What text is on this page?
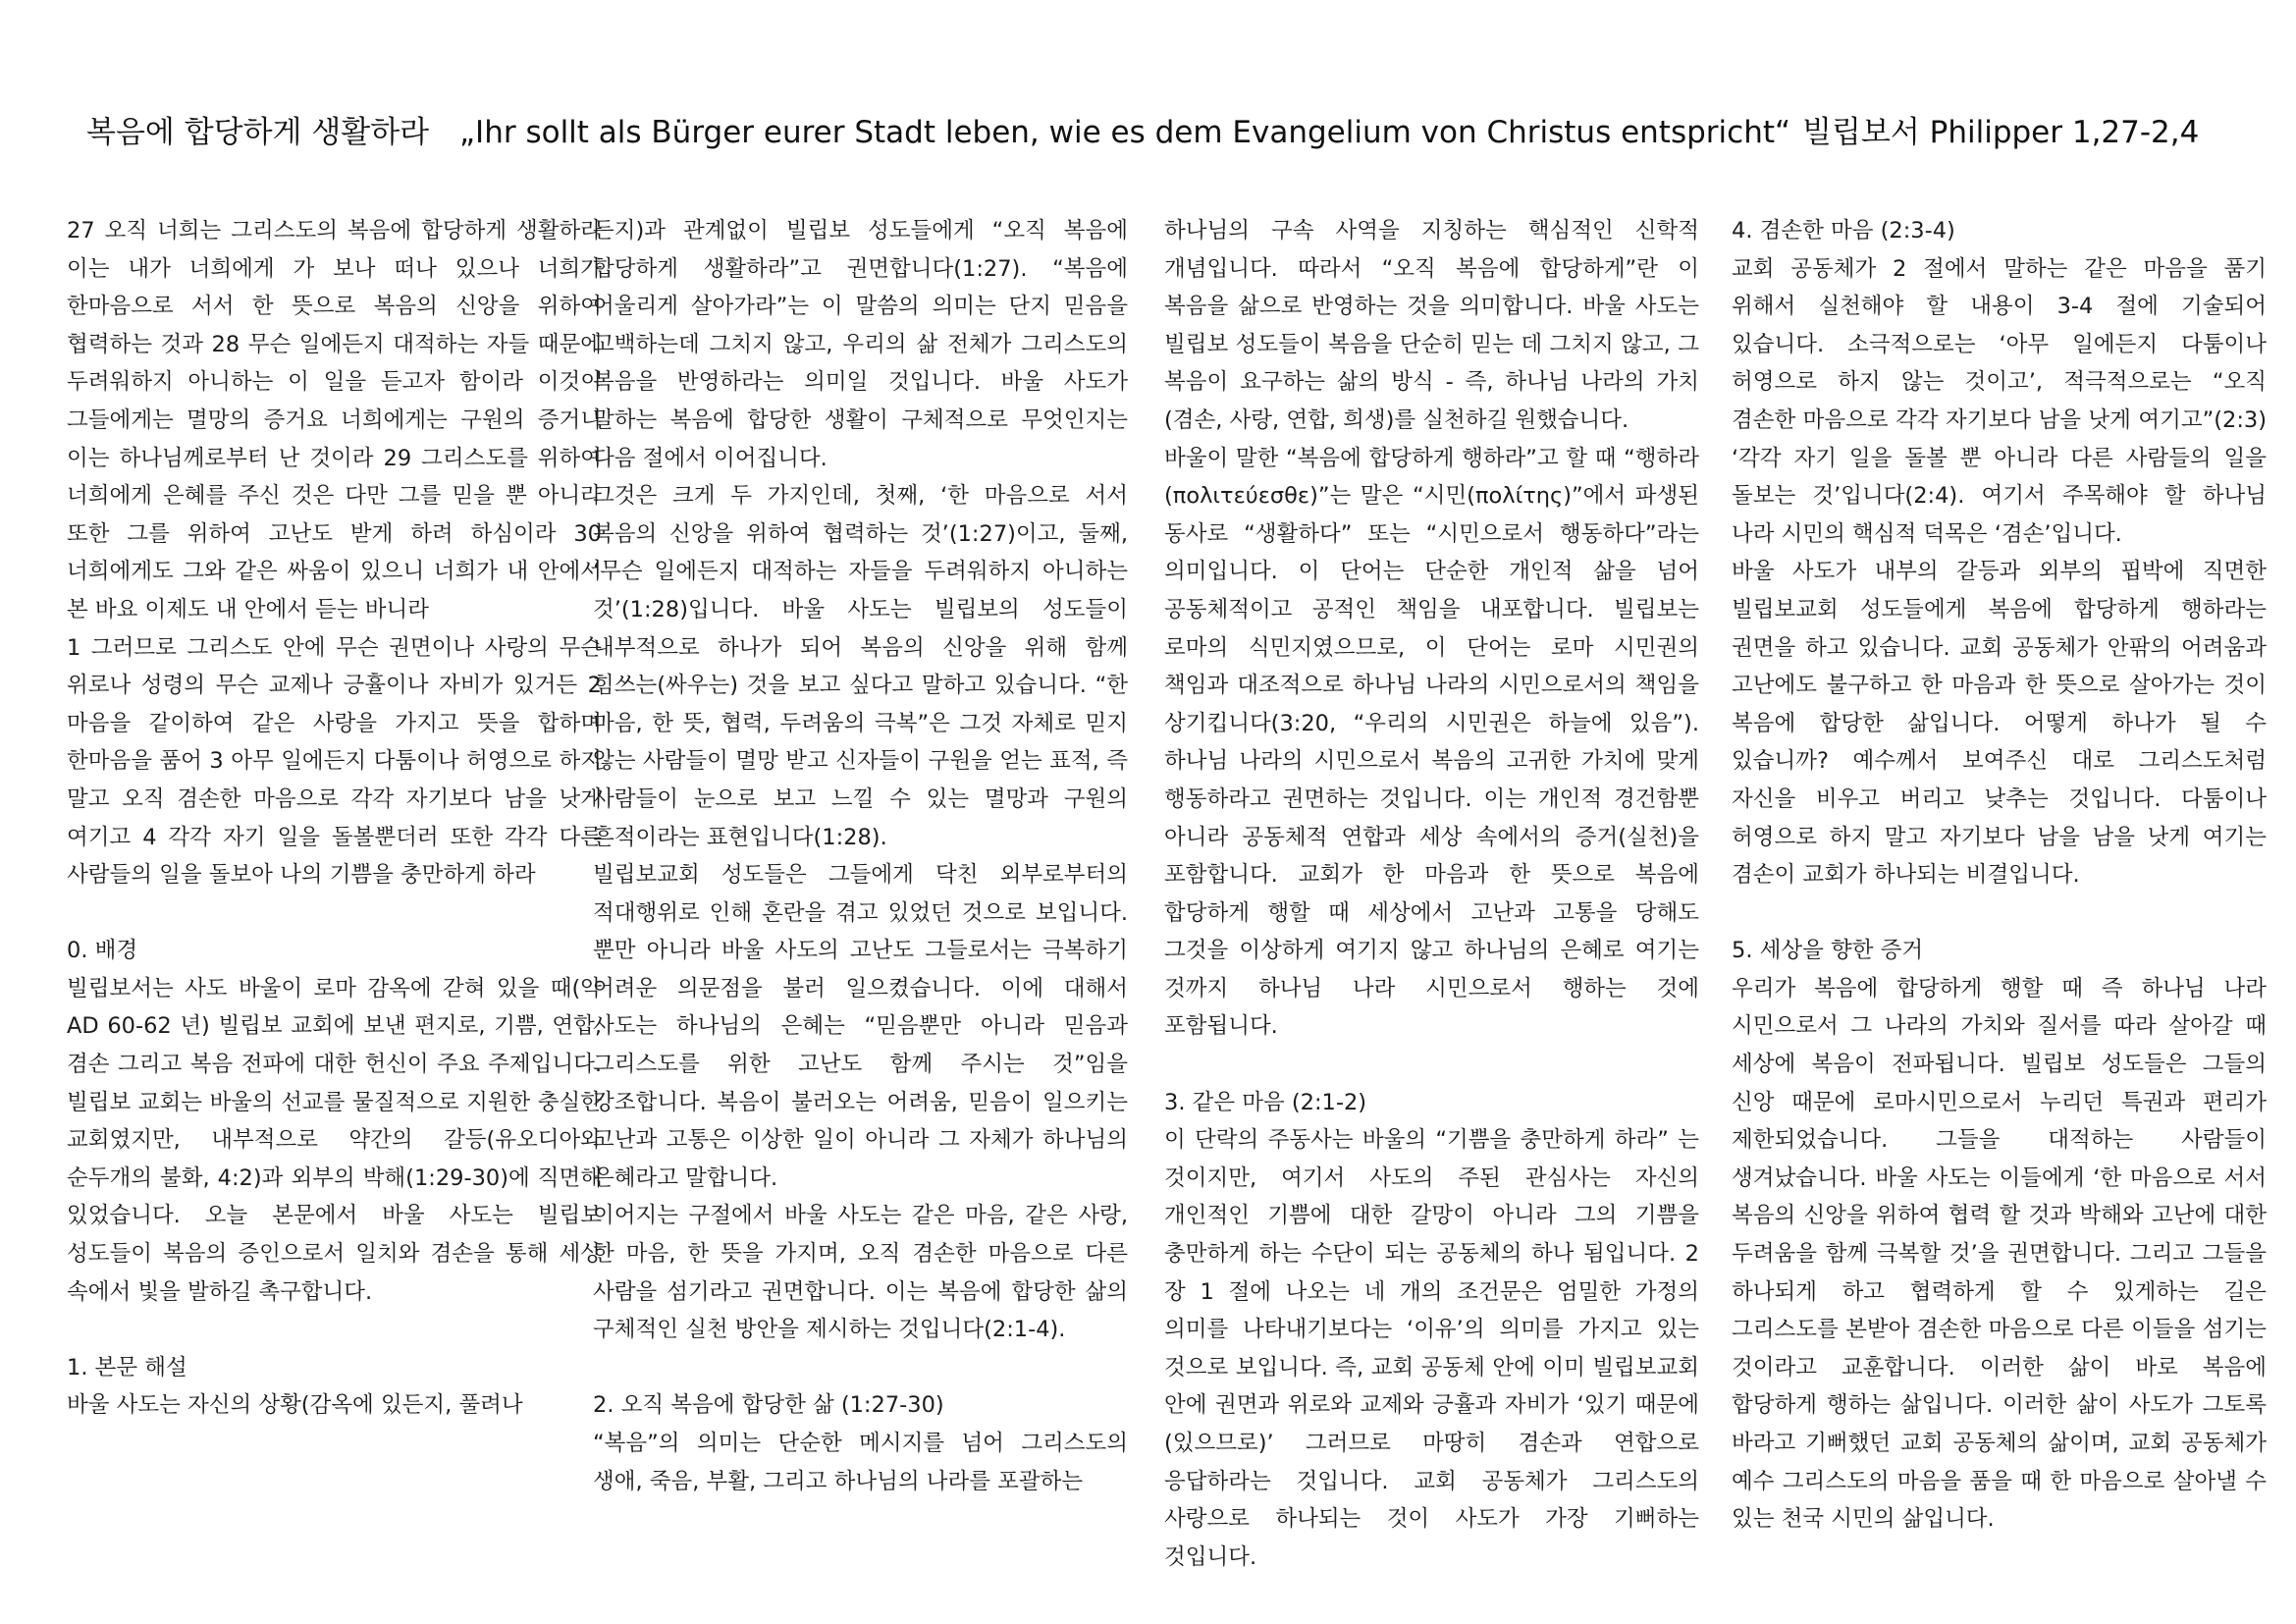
복음에 합당하게 생활하라 „Ihr sollt als Bürger eurer Stadt leben, wie es dem Evangelium von Christus entspricht“ 빌립보서 Philipper 1,27-2,4

27 오직 너희는 그리스도의 복음에 합당하게 생활하라 이는 내가 너희에게 가 보나 떠나 있으나 너희가 한마음으로 서서 한 뜻으로 복음의 신앙을 위하여 협력하는 것과 28 무슨 일에든지 대적하는 자들 때문에 두려워하지 아니하는 이 일을 듣고자 함이라 이것이 그들에게는 멸망의 증거요 너희에게는 구원의 증거니 이는 하나님께로부터 난 것이라 29 그리스도를 위하여 너희에게 은혜를 주신 것은 다만 그를 믿을 뿐 아니라 또한 그를 위하여 고난도 받게 하려 하심이라 30 너희에게도 그와 같은 싸움이 있으니 너희가 내 안에서 본 바요 이제도 내 안에서 듣는 바니라

1 그러므로 그리스도 안에 무슨 권면이나 사랑의 무슨 위로나 성령의 무슨 교제나 긍휼이나 자비가 있거든 2 마음을 같이하여 같은 사랑을 가지고 뜻을 합하며 한마음을 품어 3 아무 일에든지 다툼이나 허영으로 하지 말고 오직 겸손한 마음으로 각각 자기보다 남을 낫게 여기고 4 각각 자기 일을 돌볼뿐더러 또한 각각 다른 사람들의 일을 돌보아 나의 기쁨을 충만하게 하라

0. 배경

빌립보서는 사도 바울이 로마 감옥에 갇혀 있을 때(약 AD 60-62 년) 빌립보 교회에 보낸 편지로, 기쁨, 연합, 겸손 그리고 복음 전파에 대한 헌신이 주요 주제입니다. 빌립보 교회는 바울의 선교를 물질적으로 지원한 충실한 교회였지만, 내부적으로 약간의 갈등(유오디아와 순두개의 불화, 4:2)과 외부의 박해(1:29-30)에 직면해 있었습니다. 오늘 본문에서 바울 사도는 빌립보 성도들이 복음의 증인으로서 일치와 겸손을 통해 세상 속에서 빛을 발하길 촉구합니다.

1. 본문 해설

바울 사도는 자신의 상황(감옥에 있든지, 풀려나

든지)과 관계없이 빌립보 성도들에게 “오직 복음에 합당하게 생활하라”고 권면합니다(1:27). “복음에 어울리게 살아가라”는 이 말씀의 의미는 단지 믿음을 고백하는데 그치지 않고, 우리의 삶 전체가 그리스도의 복음을 반영하라는 의미일 것입니다. 바울 사도가 말하는 복음에 합당한 생활이 구체적으로 무엇인지는 다음 절에서 이어집니다.

그것은 크게 두 가지인데, 첫째, ‘한 마음으로 서서 복음의 신앙을 위하여 협력하는 것’(1:27)이고, 둘째, ‘무슨 일에든지 대적하는 자들을 두려워하지 아니하는 것’(1:28)입니다. 바울 사도는 빌립보의 성도들이 내부적으로 하나가 되어 복음의 신앙을 위해 함께 힘쓰는(싸우는) 것을 보고 싶다고 말하고 있습니다. “한 마음, 한 뜻, 협력, 두려움의 극복”은 그것 자체로 믿지 않는 사람들이 멸망 받고 신자들이 구원을 얻는 표적, 즉 사람들이 눈으로 보고 느낄 수 있는 멸망과 구원의 흔적이라는 표현입니다(1:28).

빌립보교회 성도들은 그들에게 닥친 외부로부터의 적대행위로 인해 혼란을 겪고 있었던 것으로 보입니다. 뿐만 아니라 바울 사도의 고난도 그들로서는 극복하기 어려운 의문점을 불러 일으켰습니다. 이에 대해서 사도는 하나님의 은혜는 “믿음뿐만 아니라 믿음과 그리스도를 위한 고난도 함께 주시는 것”임을 강조합니다. 복음이 불러오는 어려움, 믿음이 일으키는 고난과 고통은 이상한 일이 아니라 그 자체가 하나님의 은혜라고 말합니다.

이어지는 구절에서 바울 사도는 같은 마음, 같은 사랑, 한 마음, 한 뜻을 가지며, 오직 겸손한 마음으로 다른 사람을 섬기라고 권면합니다. 이는 복음에 합당한 삶의 구체적인 실천 방안을 제시하는 것입니다(2:1-4).

2. 오직 복음에 합당한 삶 (1:27-30)

“복음”의 의미는 단순한 메시지를 넘어 그리스도의 생애, 죽음, 부활, 그리고 하나님의 나라를 포괄하는

하나님의 구속 사역을 지칭하는 핵심적인 신학적 개념입니다. 따라서 “오직 복음에 합당하게”란 이 복음을 삶으로 반영하는 것을 의미합니다. 바울 사도는 빌립보 성도들이 복음을 단순히 믿는 데 그치지 않고, 그 복음이 요구하는 삶의 방식 - 즉, 하나님 나라의 가치(겸손, 사랑, 연합, 희생)를 실천하길 원했습니다.

바울이 말한 “복음에 합당하게 행하라”고 할 때 “행하라(πολιτεύεσθε)”는 말은 “시민(πολίτης)”에서 파생된 동사로 “생활하다” 또는 “시민으로서 행동하다”라는 의미입니다. 이 단어는 단순한 개인적 삶을 넘어 공동체적이고 공적인 책임을 내포합니다. 빌립보는 로마의 식민지였으므로, 이 단어는 로마 시민권의 책임과 대조적으로 하나님 나라의 시민으로서의 책임을 상기킵니다(3:20, “우리의 시민권은 하늘에 있음”). 하나님 나라의 시민으로서 복음의 고귀한 가치에 맞게 행동하라고 권면하는 것입니다. 이는 개인적 경건함뿐 아니라 공동체적 연합과 세상 속에서의 증거(실천)을 포함합니다. 교회가 한 마음과 한 뜻으로 복음에 합당하게 행할 때 세상에서 고난과 고통을 당해도 그것을 이상하게 여기지 않고 하나님의 은혜로 여기는 것까지 하나님 나라 시민으로서 행하는 것에 포함됩니다.

3. 같은 마음 (2:1-2)

이 단락의 주동사는 바울의 “기쁨을 충만하게 하라” 는 것이지만, 여기서 사도의 주된 관심사는 자신의 개인적인 기쁨에 대한 갈망이 아니라 그의 기쁨을 충만하게 하는 수단이 되는 공동체의 하나 됨입니다. 2 장 1 절에 나오는 네 개의 조건문은 엄밀한 가정의 의미를 나타내기보다는 ‘이유’의 의미를 가지고 있는 것으로 보입니다. 즉, 교회 공동체 안에 이미 빌립보교회 안에 권면과 위로와 교제와 긍휼과 자비가 ‘있기 때문에(있으므로)’ 그러므로 마땅히 겸손과 연합으로 응답하라는 것입니다. 교회 공동체가 그리스도의 사랑으로 하나되는 것이 사도가 가장 기뻐하는 것입니다.

4. 겸손한 마음 (2:3-4)

교회 공동체가 2 절에서 말하는 같은 마음을 품기 위해서 실천해야 할 내용이 3-4 절에 기술되어 있습니다. 소극적으로는 ‘아무 일에든지 다툼이나 허영으로 하지 않는 것이고’, 적극적으로는 “오직 겸손한 마음으로 각각 자기보다 남을 낫게 여기고”(2:3) ‘각각 자기 일을 돌볼 뿐 아니라 다른 사람들의 일을 돌보는 것’입니다(2:4). 여기서 주목해야 할 하나님 나라 시민의 핵심적 덕목은 ‘겸손’입니다.

바울 사도가 내부의 갈등과 외부의 핍박에 직면한 빌립보교회 성도들에게 복음에 합당하게 행하라는 권면을 하고 있습니다. 교회 공동체가 안팎의 어려움과 고난에도 불구하고 한 마음과 한 뜻으로 살아가는 것이 복음에 합당한 삶입니다. 어떻게 하나가 될 수 있습니까? 예수께서 보여주신 대로 그리스도처럼 자신을 비우고 버리고 낮추는 것입니다. 다툼이나 허영으로 하지 말고 자기보다 남을 남을 낫게 여기는 겸손이 교회가 하나되는 비결입니다.

5. 세상을 향한 증거

우리가 복음에 합당하게 행할 때 즉 하나님 나라 시민으로서 그 나라의 가치와 질서를 따라 살아갈 때 세상에 복음이 전파됩니다. 빌립보 성도들은 그들의 신앙 때문에 로마시민으로서 누리던 특권과 편리가 제한되었습니다. 그들을 대적하는 사람들이 생겨났습니다. 바울 사도는 이들에게 ‘한 마음으로 서서 복음의 신앙을 위하여 협력 할 것과 박해와 고난에 대한 두려움을 함께 극복할 것’을 권면합니다. 그리고 그들을 하나되게 하고 협력하게 할 수 있게하는 길은 그리스도를 본받아 겸손한 마음으로 다른 이들을 섬기는 것이라고 교훈합니다. 이러한 삶이 바로 복음에 합당하게 행하는 삶입니다. 이러한 삶이 사도가 그토록 바라고 기뻐했던 교회 공동체의 삶이며, 교회 공동체가 예수 그리스도의 마음을 품을 때 한 마음으로 살아낼 수 있는 천국 시민의 삶입니다.
